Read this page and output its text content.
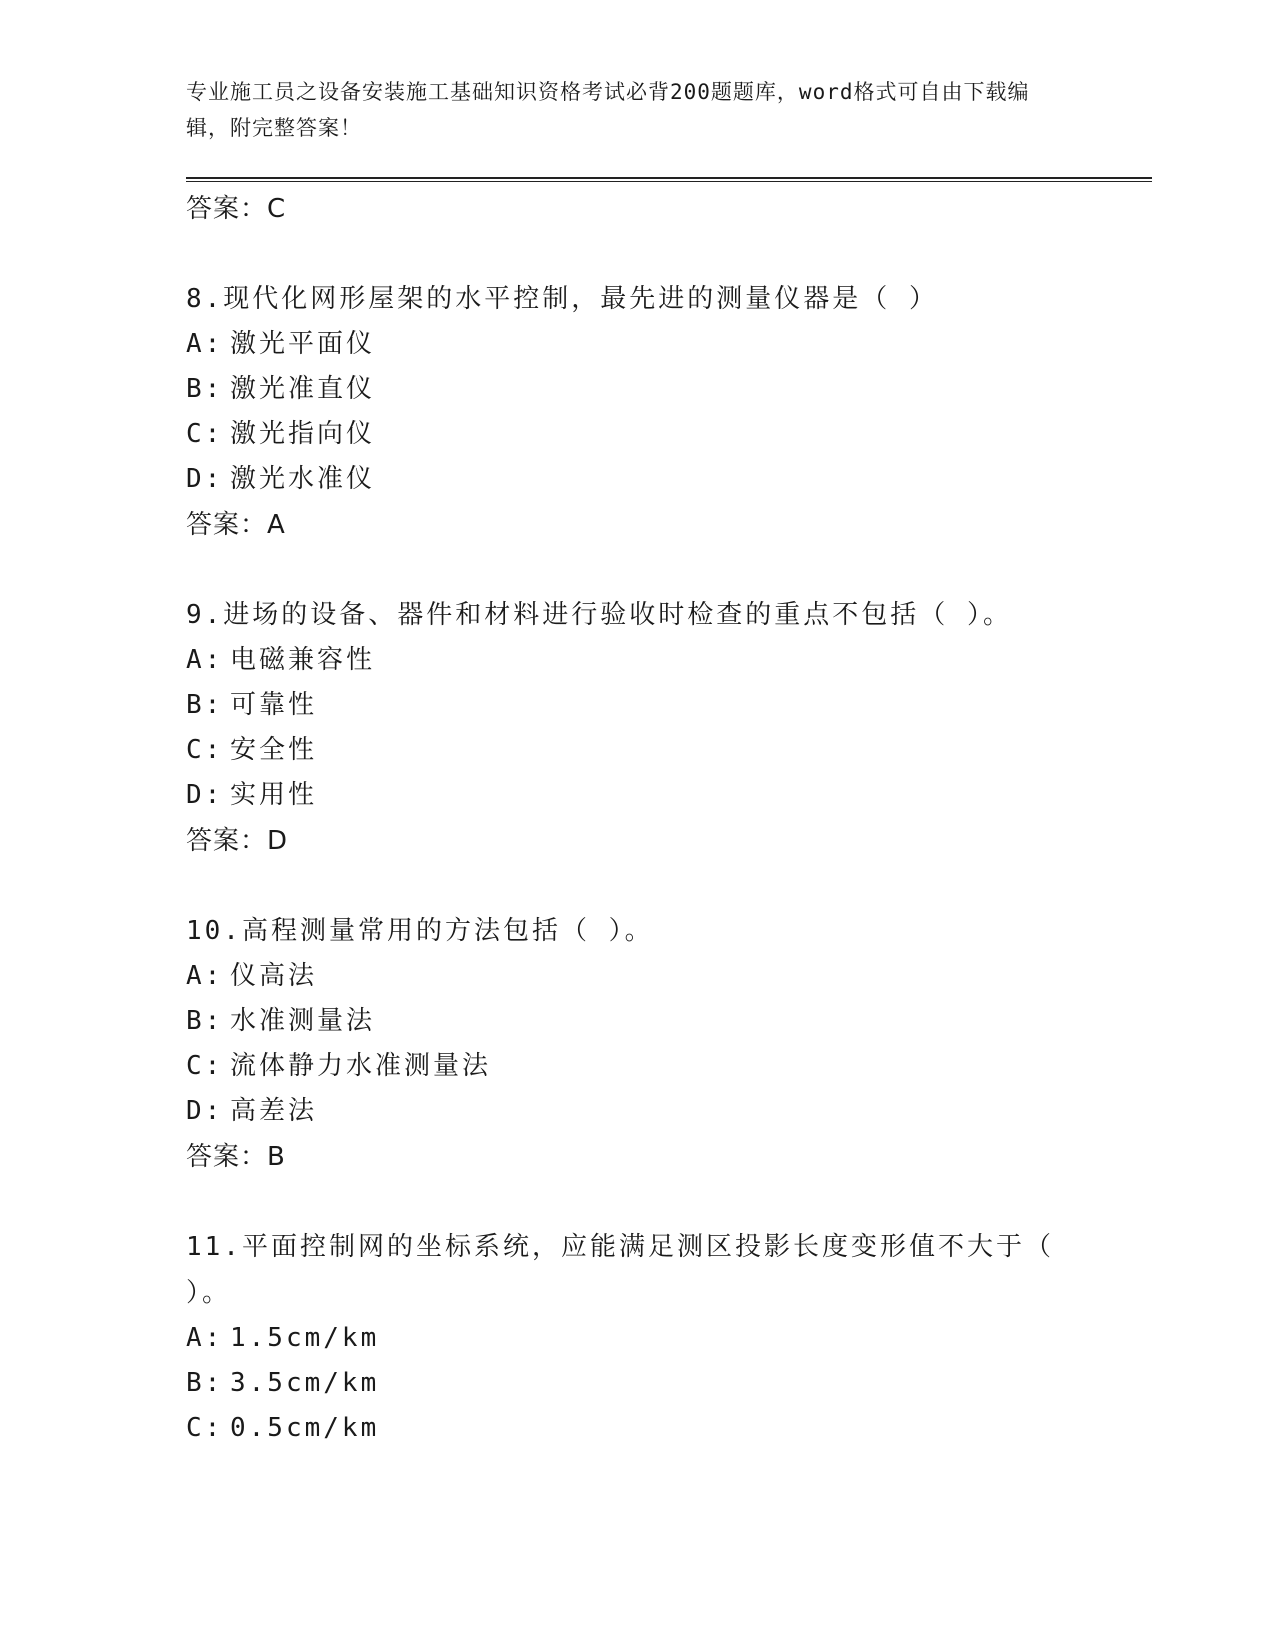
专业施工员之设备安装施工基础知识资格考试必背200题题库，word格式可自由下载编辑，附完整答案！
答案：C
8.现代化网形屋架的水平控制，最先进的测量仪器是（ ）
A: 激光平面仪
B: 激光准直仪
C: 激光指向仪
D: 激光水准仪
答案：A
9.进场的设备、器件和材料进行验收时检查的重点不包括（ ）。
A: 电磁兼容性
B: 可靠性
C: 安全性
D: 实用性
答案：D
10.高程测量常用的方法包括（ ）。
A: 仪高法
B: 水准测量法
C: 流体静力水准测量法
D: 高差法
答案：B
11.平面控制网的坐标系统，应能满足测区投影长度变形值不大于（ ）。
A: 1.5cm/km
B: 3.5cm/km
C: 0.5cm/km
